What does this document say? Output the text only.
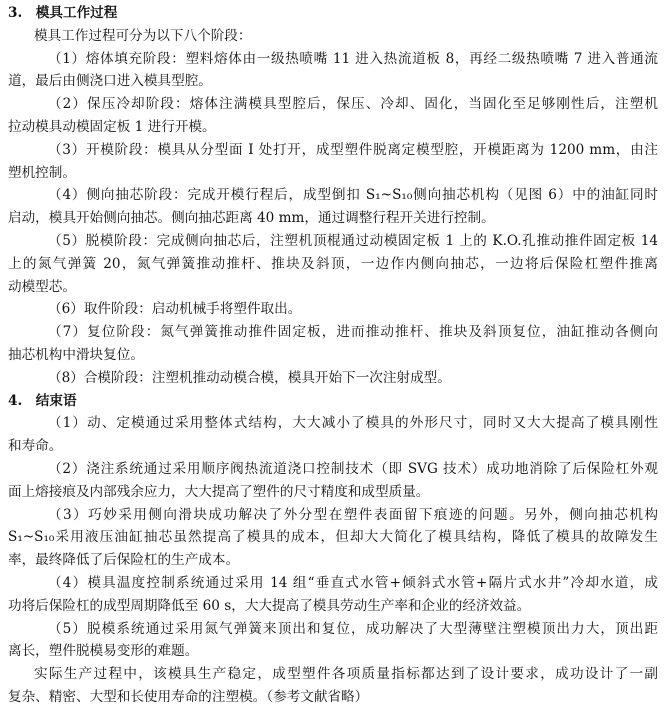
3.　模具工作过程
模具工作过程可分为以下八个阶段：
（1）熔体填充阶段：塑料熔体由一级热喷嘴 11 进入热流道板 8，再经二级热喷嘴 7 进入普通流
道，最后由侧浇口进入模具型腔。
（2）保压冷却阶段：熔体注满模具型腔后，保压、冷却、固化，当固化至足够刚性后，注塑机
拉动模具动模固定板 1 进行开模。
（3）开模阶段：模具从分型面 I 处打开，成型塑件脱离定模型腔，开模距离为 1200 mm，由注
塑机控制。
（4）侧向抽芯阶段：完成开模行程后，成型倒扣 S₁~S₁₀侧向抽芯机构（见图 6）中的油缸同时
启动，模具开始侧向抽芯。侧向抽芯距离 40 mm，通过调整行程开关进行控制。
（5）脱模阶段：完成侧向抽芯后，注塑机顶棍通过动模固定板 1 上的 K.O.孔推动推件固定板 14
上的氮气弹簧 20，氮气弹簧推动推杆、推块及斜顶，一边作内侧向抽芯，一边将后保险杠塑件推离
动模型芯。
（6）取件阶段：启动机械手将塑件取出。
（7）复位阶段：氮气弹簧推动推件固定板，进而推动推杆、推块及斜顶复位，油缸推动各侧向
抽芯机构中滑块复位。
（8）合模阶段：注塑机推动动模合模，模具开始下一次注射成型。
4.　结束语
（1）动、定模通过采用整体式结构，大大减小了模具的外形尺寸，同时又大大提高了模具刚性
和寿命。
（2）浇注系统通过采用顺序阀热流道浇口控制技术（即 SVG 技术）成功地消除了后保险杠外观
面上熔接痕及内部残余应力，大大提高了塑件的尺寸精度和成型质量。
（3）巧妙采用侧向滑块成功解决了外分型在塑件表面留下痕迹的问题。另外，侧向抽芯机构
S₁~S₁₀采用液压油缸抽芯虽然提高了模具的成本，但却大大简化了模具结构，降低了模具的故障发生
率，最终降低了后保险杠的生产成本。
（4）模具温度控制系统通过采用 14 组“垂直式水管+倾斜式水管+隔片式水井”冷却水道，成
功将后保险杠的成型周期降低至 60 s，大大提高了模具劳动生产率和企业的经济效益。
（5）脱模系统通过采用氮气弹簧来顶出和复位，成功解决了大型薄壁注塑模顶出力大，顶出距
离长，塑件脱模易变形的难题。
实际生产过程中，该模具生产稳定，成型塑件各项质量指标都达到了设计要求，成功设计了一副
复杂、精密、大型和长使用寿命的注塑模。（参考文献省略）
